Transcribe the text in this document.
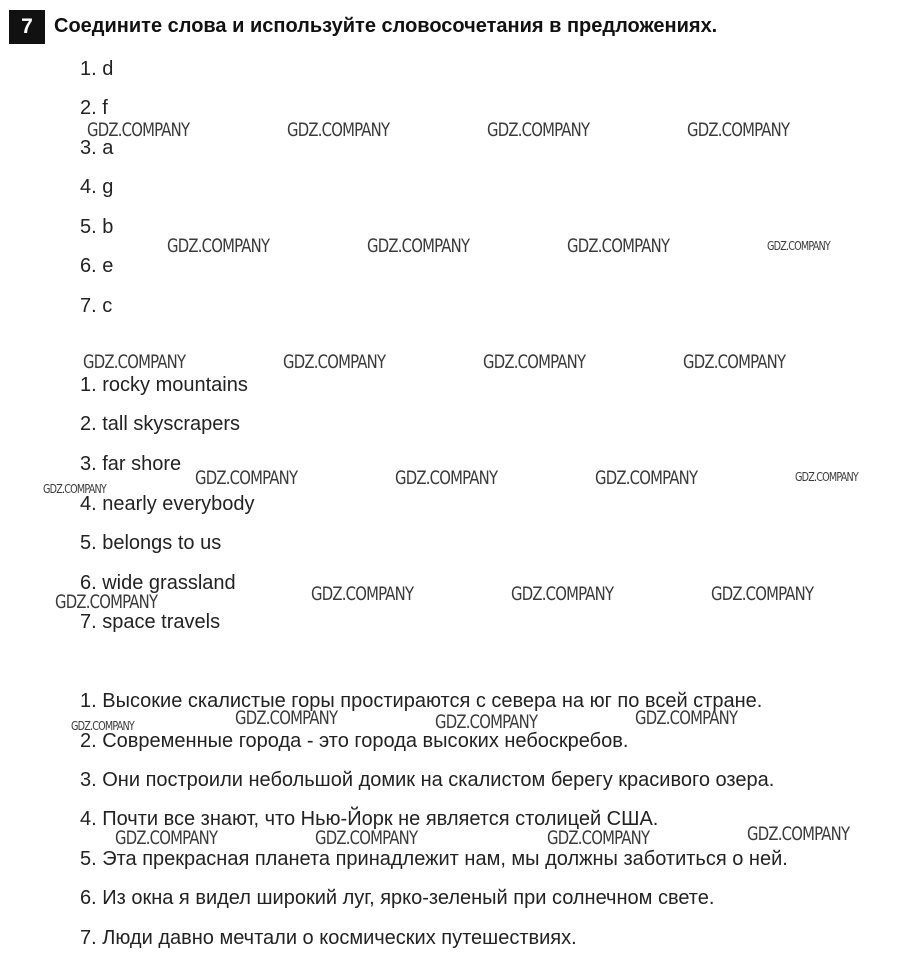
7	Соедините слова и используйте словосочетания в предложениях.
1. d
2. f
3. a
4. g
5. b
6. e
7. c
1. rocky mountains
2. tall skyscrapers
3. far shore
4. nearly everybody
5. belongs to us
6. wide grassland
7. space travels
1. Высокие скалистые горы простираются с севера на юг по всей стране.
2. Современные города - это города высоких небоскребов.
3. Они построили небольшой домик на скалистом берегу красивого озера.
4. Почти все знают, что Нью-Йорк не является столицей США.
5. Эта прекрасная планета принадлежит нам, мы должны заботиться о ней.
6. Из окна я видел широкий луг, ярко-зеленый при солнечном свете.
7. Люди давно мечтали о космических путешествиях.
GDZ.COMPANY	GDZ.COMPANY	GDZ.COMPANY	GDZ.COMPANY
GDZ.COMPANY	GDZ.COMPANY	GDZ.COMPANY	GDZ.COMPANY
GDZ.COMPANY	GDZ.COMPANY	GDZ.COMPANY	GDZ.COMPANY
GDZ.COMPANY	GDZ.COMPANY	GDZ.COMPANY	GDZ.COMPANY	GDZ.COMPANY
GDZ.COMPANY	GDZ.COMPANY	GDZ.COMPANY	GDZ.COMPANY
GDZ.COMPANY	GDZ.COMPANY	GDZ.COMPANY	GDZ.COMPANY
GDZ.COMPANY	GDZ.COMPANY	GDZ.COMPANY	GDZ.COMPANY
